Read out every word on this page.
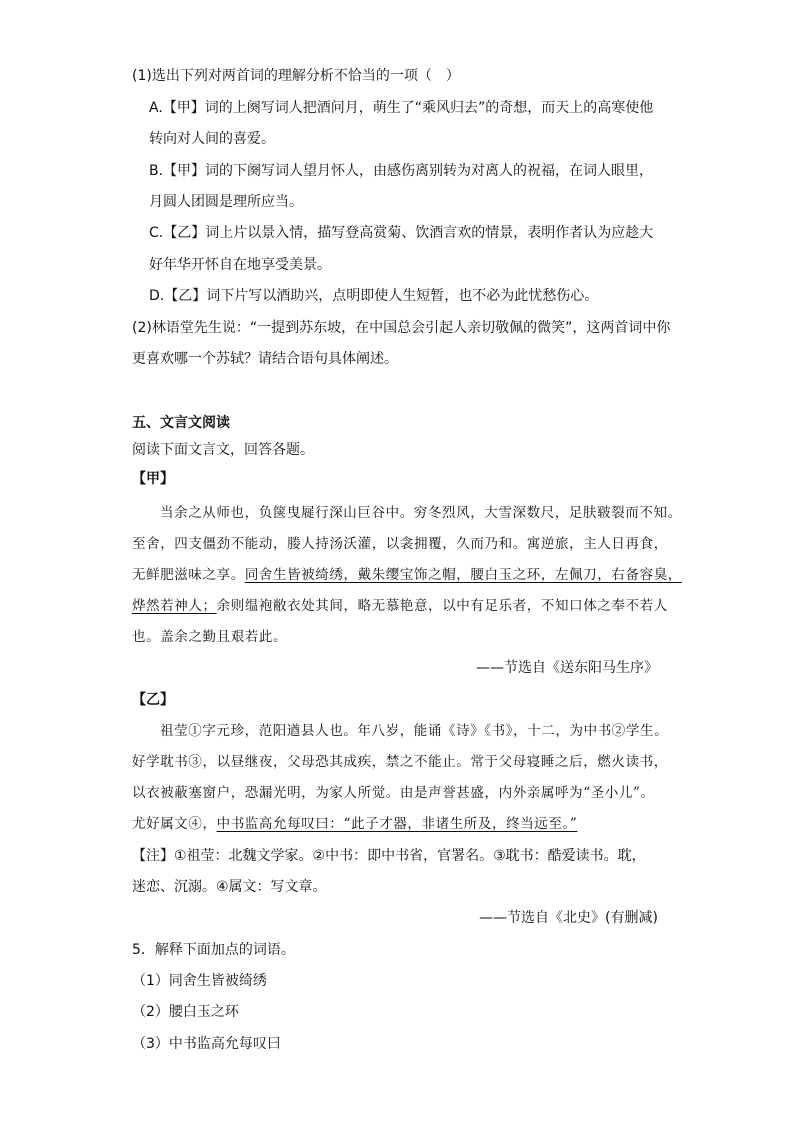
(1)选出下列对两首词的理解分析不恰当的一项（　）
A.【甲】词的上阕写词人把酒问月，萌生了“乘风归去”的奇想，而天上的高寒使他
转向对人间的喜爱。
B.【甲】词的下阕写词人望月怀人，由感伤离别转为对离人的祝福，在词人眼里，
月圆人团圆是理所应当。
C.【乙】词上片以景入情，描写登高赏菊、饮酒言欢的情景，表明作者认为应趁大
好年华开怀自在地享受美景。
D.【乙】词下片写以酒助兴，点明即使人生短暂，也不必为此忧愁伤心。
(2)林语堂先生说：“一提到苏东坡，在中国总会引起人亲切敬佩的微笑”，这两首词中你
更喜欢哪一个苏轼？请结合语句具体阐述。
五、文言文阅读
阅读下面文言文，回答各题。
【甲】
当余之从师也，负箧曳屣行深山巨谷中。穷冬烈风，大雪深数尺，足肤皲裂而不知。
至舍，四支僵劲不能动，媵人持汤沃灌，以衾拥覆，久而乃和。寓逆旅，主人日再食，
无鲜肥滋味之享。同舍生皆被绮绣，戴朱缨宝饰之帽，腰白玉之环，左佩刀，右备容臭，
烨然若神人；余则缊袍敝衣处其间，略无慕艳意，以中有足乐者，不知口体之奉不若人
也。盖余之勤且艰若此。
——节选自《送东阳马生序》
【乙】
祖莹①字元珍，范阳遒县人也。年八岁，能诵《诗》《书》，十二，为中书②学生。
好学耽书③，以昼继夜，父母恐其成疾，禁之不能止。常于父母寝睡之后，燃火读书，
以衣被蔽塞窗户，恐漏光明，为家人所觉。由是声誉甚盛，内外亲属呼为“圣小儿”。
尤好属文④，中书监高允每叹曰：“此子才器，非诸生所及，终当远至。”
【注】①祖莹：北魏文学家。②中书：即中书省，官署名。③耽书：酷爱读书。耽，
迷恋、沉溺。④属文：写文章。
——节选自《北史》(有删减)
5．解释下面加点的词语。
（1）同舍生皆被绮绣
（2）腰白玉之环
（3）中书监高允每叹曰
